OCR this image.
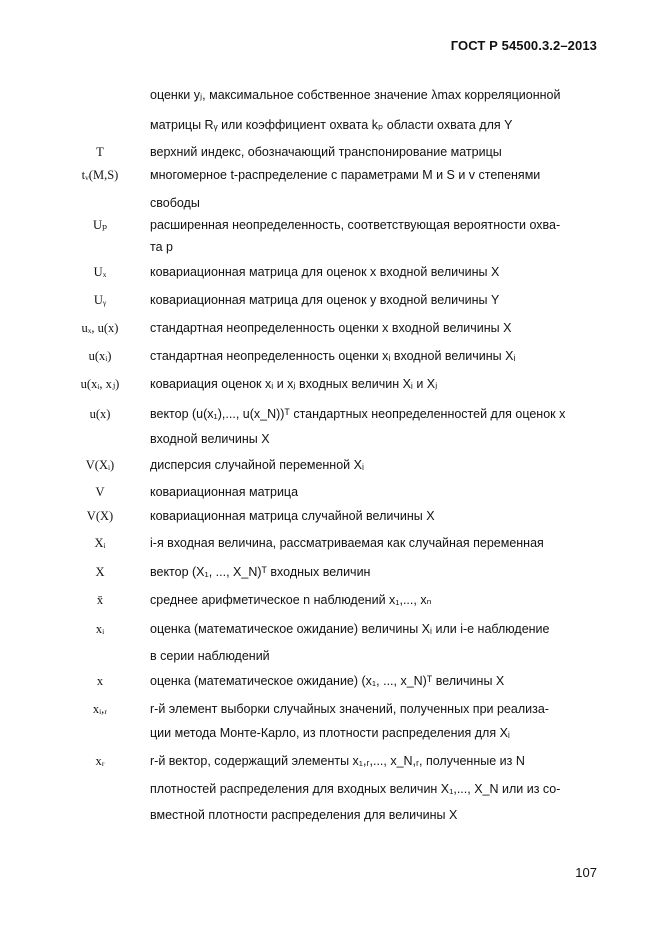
ГОСТ Р 54500.3.2–2013
оценки yⱼ, максимальное собственное значение λmax корреляционной
матрицы Rᵧ или коэффициент охвата kₚ области охвата для Y
T	верхний индекс, обозначающий транспонирование матрицы
tᵥ(M,S)	многомерное t-распределение с параметрами M и S и v степенями
свободы
Uₚ	расширенная неопределенность, соответствующая вероятности охва-
та p
Uₓ	ковариационная матрица для оценок x входной величины X
Uᵧ	ковариационная матрица для оценок y входной величины Y
uₓ, u(x)	стандартная неопределенность оценки x входной величины X
u(xᵢ)	стандартная неопределенность оценки xᵢ входной величины Xᵢ
u(xᵢ, xⱼ)	ковариация оценок xᵢ и xⱼ входных величин Xᵢ и Xⱼ
u(x)	вектор (u(x₁),..., u(x_N))ᵀ стандартных неопределенностей для оценок x
входной величины X
V(Xᵢ)	дисперсия случайной переменной Xᵢ
V	ковариационная матрица
V(X)	ковариационная матрица случайной величины X
Xᵢ	i-я входная величина, рассматриваемая как случайная переменная
X	вектор (X₁, ..., X_N)ᵀ входных величин
x̄	среднее арифметическое n наблюдений x₁,..., xₙ
xᵢ	оценка (математическое ожидание) величины Xᵢ или i-е наблюдение
в серии наблюдений
x	оценка (математическое ожидание) (x₁, ..., x_N)ᵀ величины X
xᵢ,ᵣ	r-й элемент выборки случайных значений, полученных при реализа-
ции метода Монте-Карло, из плотности распределения для Xᵢ
xᵣ	r-й вектор, содержащий элементы x₁,ᵣ,..., x_N,ᵣ, полученные из N
плотностей распределения для входных величин X₁,..., X_N или из со-
вместной плотности распределения для величины X
107
